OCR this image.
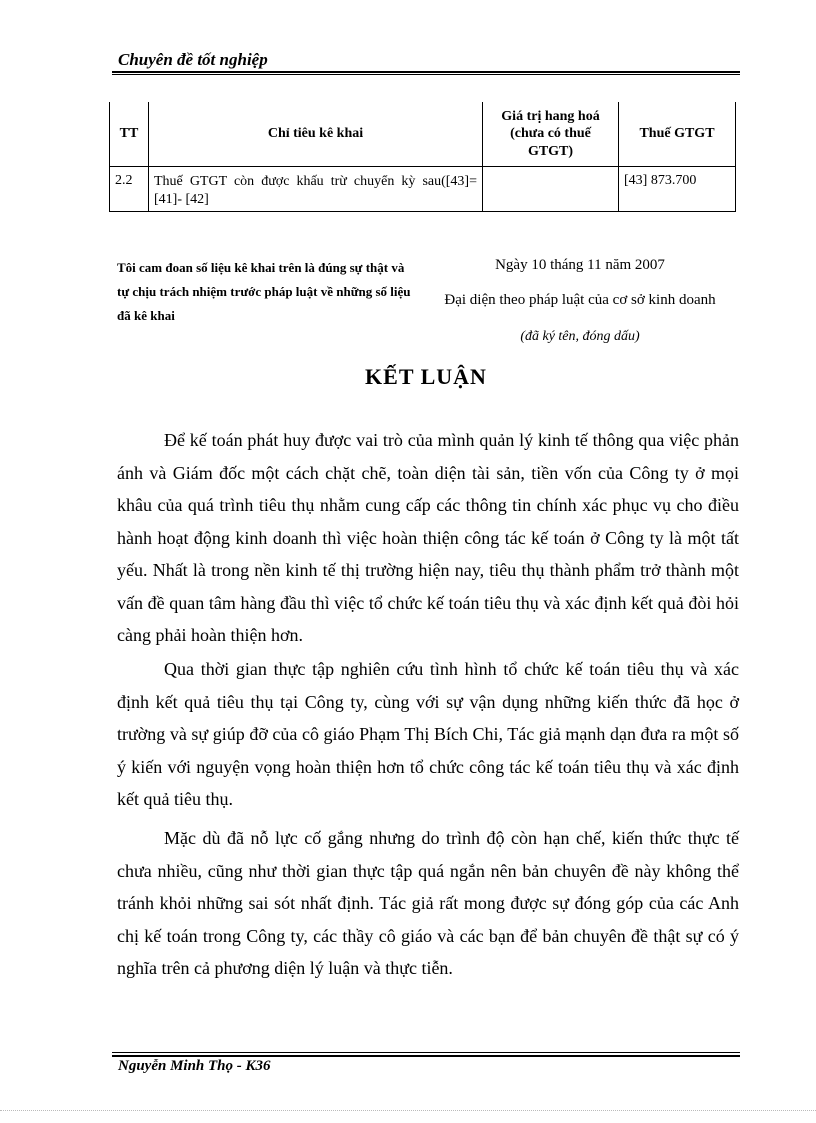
Chuyên đề tốt nghiệp
TT	Chỉ tiêu kê khai	Giá trị hang hoá (chưa có thuế GTGT)	Thuế GTGT
2.2	Thuế GTGT còn được khấu trừ chuyển kỳ sau([43]= [41]- [42]		[43] 873.700
Tôi cam đoan số liệu kê khai trên là đúng sự thật và tự chịu trách nhiệm trước pháp luật về những số liệu đã kê khai
Ngày 10 tháng 11 năm 2007
Đại diện theo pháp luật của cơ sở kinh doanh
(đã ký tên, đóng dấu)
KẾT LUẬN

Để kế toán phát huy được vai trò của mình quản lý kinh tế thông qua việc phản ánh và Giám đốc một cách chặt chẽ, toàn diện tài sản, tiền vốn của Công ty ở mọi khâu của quá trình tiêu thụ nhằm cung cấp các thông tin chính xác phục vụ cho điều hành hoạt động kinh doanh thì việc hoàn thiện công tác kế toán ở Công ty là một tất yếu. Nhất là trong nền kinh tế thị trường hiện nay, tiêu thụ thành phẩm trở thành một vấn đề quan tâm hàng đầu thì việc tổ chức kế toán tiêu thụ và xác định kết quả đòi hỏi càng phải hoàn thiện hơn.

Qua thời gian thực tập nghiên cứu tình hình tổ chức kế toán tiêu thụ và xác định kết quả tiêu thụ tại Công ty, cùng với sự vận dụng những kiến thức đã học ở trường và sự giúp đỡ của cô giáo Phạm Thị Bích Chi, Tác giả mạnh dạn đưa ra một số ý kiến với nguyện vọng hoàn thiện hơn tổ chức công tác kế toán tiêu thụ và xác định kết quả tiêu thụ.

Mặc dù đã nỗ lực cố gắng nhưng do trình độ còn hạn chế, kiến thức thực tế chưa nhiều, cũng như thời gian thực tập quá ngắn nên bản chuyên đề này không thể tránh khỏi những sai sót nhất định. Tác giả rất mong được sự đóng góp của các Anh chị kế toán trong Công ty, các thầy cô giáo và các bạn để bản chuyên đề thật sự có ý nghĩa trên cả phương diện lý luận và thực tiễn.

Nguyễn Minh Thọ - K36
